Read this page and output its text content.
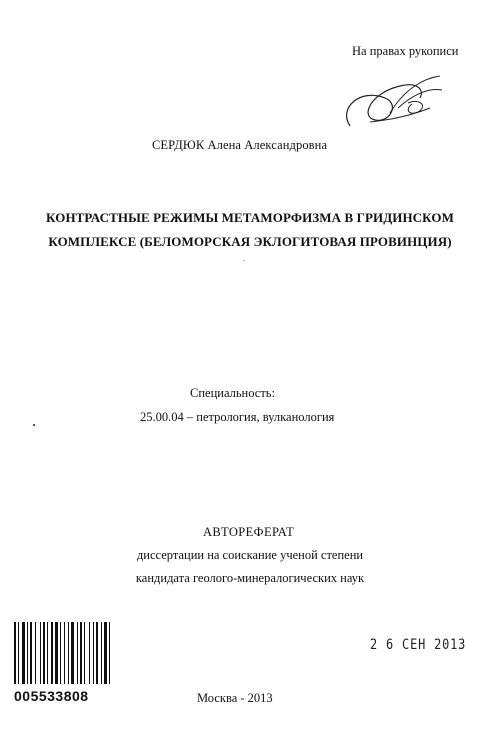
На правах рукописи
СЕРДЮК Алена Александровна
КОНТРАСТНЫЕ РЕЖИМЫ МЕТАМОРФИЗМА В ГРИДИНСКОМ
КОМПЛЕКСЕ (БЕЛОМОРСКАЯ ЭКЛОГИТОВАЯ ПРОВИНЦИЯ)
Специальность:
25.00.04 – петрология, вулканология
АВТОРЕФЕРАТ
диссертации на соискание ученой степени
кандидата геолого-минералогических наук
2 6 СЕН 2013
005533808	Москва - 2013
